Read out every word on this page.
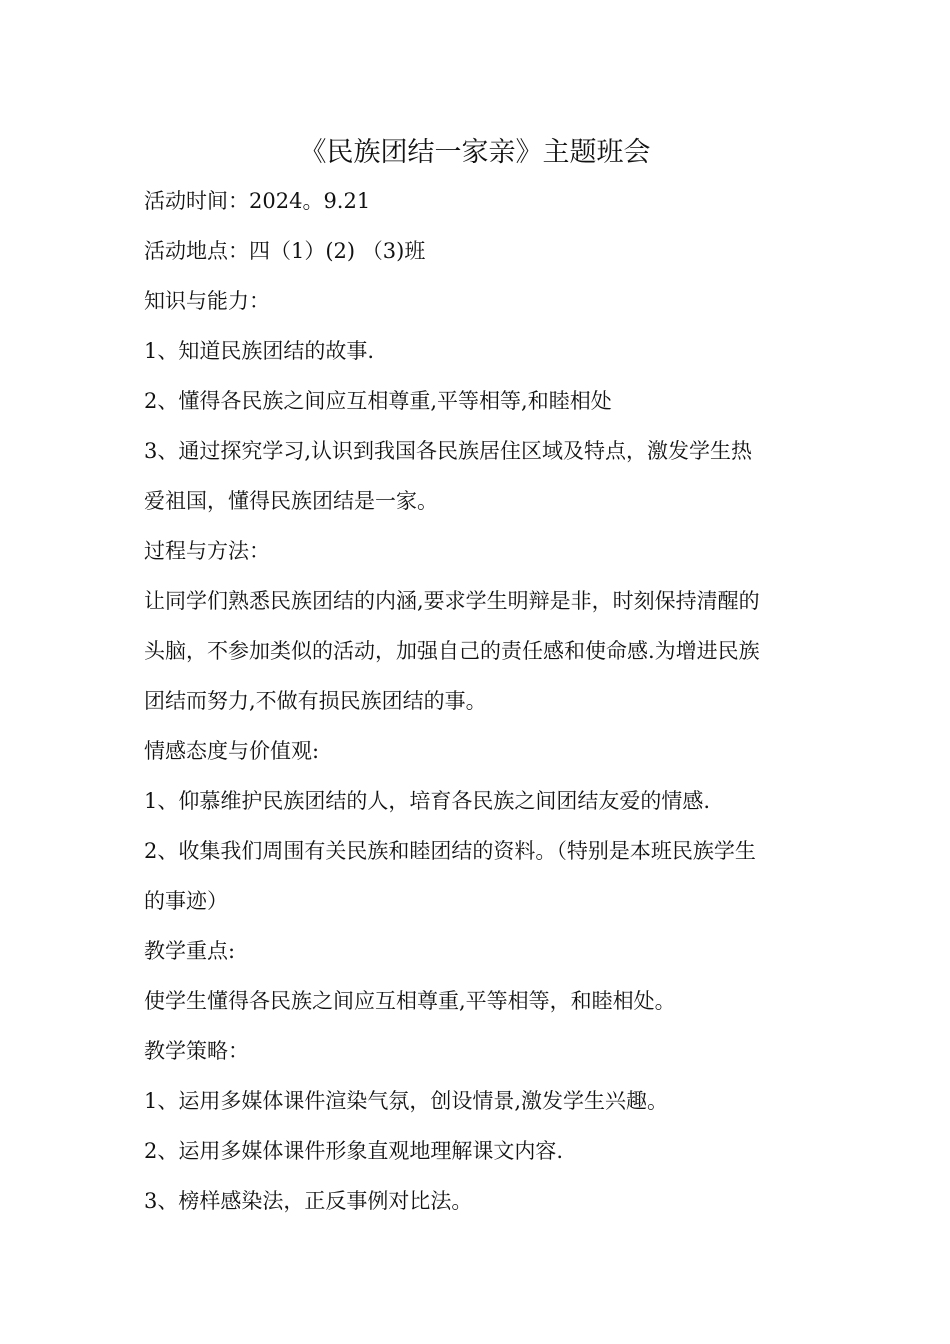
《民族团结一家亲》主题班会
活动时间：2024。9.21
活动地点：四（1）(2) （3)班
知识与能力：
1、知道民族团结的故事.
2、懂得各民族之间应互相尊重,平等相等,和睦相处
3、通过探究学习,认识到我国各民族居住区域及特点，激发学生热
爱祖国，懂得民族团结是一家。
过程与方法：
让同学们熟悉民族团结的内涵,要求学生明辩是非，时刻保持清醒的
头脑，不参加类似的活动，加强自己的责任感和使命感.为增进民族
团结而努力,不做有损民族团结的事。
情感态度与价值观:
1、仰慕维护民族团结的人，培育各民族之间团结友爱的情感.
2、收集我们周围有关民族和睦团结的资料。（特别是本班民族学生
的事迹）
教学重点:
使学生懂得各民族之间应互相尊重,平等相等，和睦相处。
教学策略：
1、运用多媒体课件渲染气氛，创设情景,激发学生兴趣。
2、运用多媒体课件形象直观地理解课文内容.
3、榜样感染法，正反事例对比法。
